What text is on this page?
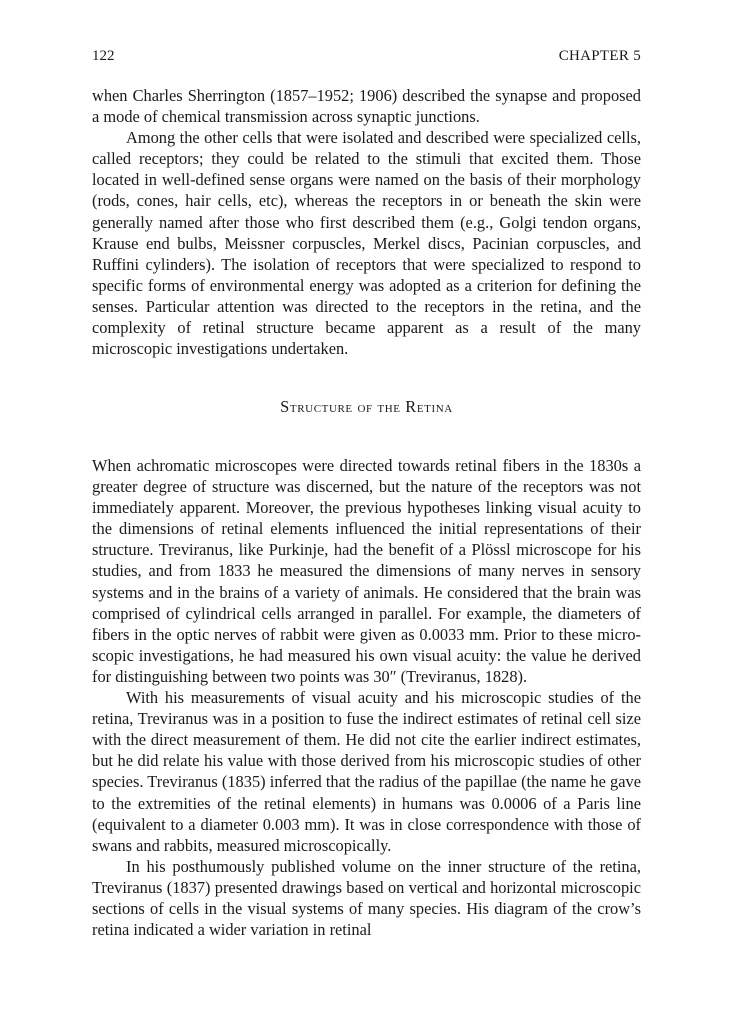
122	CHAPTER 5

when Charles Sherrington (1857–1952; 1906) described the synapse and proposed a mode of chemical transmission across synaptic junctions.

Among the other cells that were isolated and described were specialized cells, called receptors; they could be related to the stimuli that excited them. Those located in well-defined sense organs were named on the basis of their morphology (rods, cones, hair cells, etc), whereas the receptors in or beneath the skin were generally named after those who first described them (e.g., Golgi tendon organs, Krause end bulbs, Meissner corpuscles, Merkel discs, Pacinian corpuscles, and Ruffini cylinders). The isolation of receptors that were specialized to respond to specific forms of environmental energy was adopted as a criterion for defining the senses. Particular attention was directed to the receptors in the retina, and the complexity of retinal structure became apparent as a result of the many microscopic investigations undertaken.

Structure of the Retina

When achromatic microscopes were directed towards retinal fibers in the 1830s a greater degree of structure was discerned, but the nature of the receptors was not immediately apparent. Moreover, the previous hypotheses linking visual acuity to the dimensions of retinal elements influenced the initial representations of their structure. Treviranus, like Purkinje, had the benefit of a Plössl microscope for his studies, and from 1833 he measured the dimensions of many nerves in sensory systems and in the brains of a variety of animals. He considered that the brain was comprised of cylindrical cells arranged in parallel. For example, the diameters of fibers in the optic nerves of rabbit were given as 0.0033 mm. Prior to these microscopic investigations, he had measured his own visual acuity: the value he derived for distinguishing between two points was 30″ (Treviranus, 1828).

With his measurements of visual acuity and his microscopic studies of the retina, Treviranus was in a position to fuse the indirect estimates of retinal cell size with the direct measurement of them. He did not cite the earlier indirect estimates, but he did relate his value with those derived from his microscopic studies of other species. Treviranus (1835) inferred that the radius of the papillae (the name he gave to the extremities of the retinal elements) in humans was 0.0006 of a Paris line (equivalent to a diameter 0.003 mm). It was in close correspondence with those of swans and rabbits, measured microscopically.

In his posthumously published volume on the inner structure of the retina, Treviranus (1837) presented drawings based on vertical and horizontal microscopic sections of cells in the visual systems of many species. His diagram of the crow’s retina indicated a wider variation in retinal
